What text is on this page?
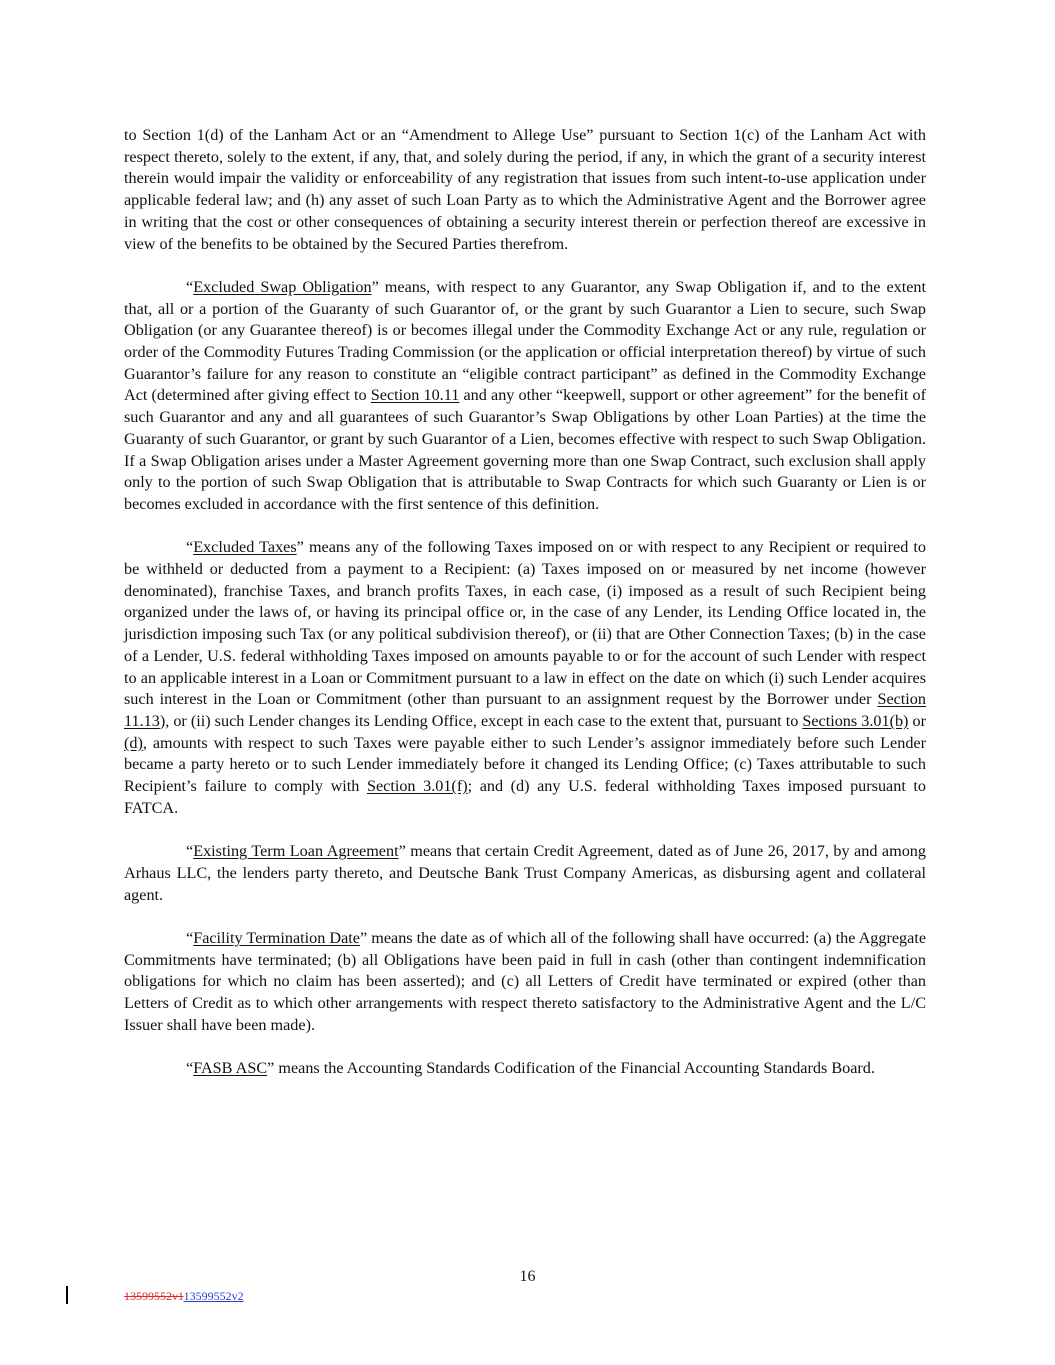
to Section 1(d) of the Lanham Act or an “Amendment to Allege Use” pursuant to Section 1(c) of the Lanham Act with respect thereto, solely to the extent, if any, that, and solely during the period, if any, in which the grant of a security interest therein would impair the validity or enforceability of any registration that issues from such intent-to-use application under applicable federal law; and (h) any asset of such Loan Party as to which the Administrative Agent and the Borrower agree in writing that the cost or other consequences of obtaining a security interest therein or perfection thereof are excessive in view of the benefits to be obtained by the Secured Parties therefrom.

“Excluded Swap Obligation” means, with respect to any Guarantor, any Swap Obligation if, and to the extent that, all or a portion of the Guaranty of such Guarantor of, or the grant by such Guarantor a Lien to secure, such Swap Obligation (or any Guarantee thereof) is or becomes illegal under the Commodity Exchange Act or any rule, regulation or order of the Commodity Futures Trading Commission (or the application or official interpretation thereof) by virtue of such Guarantor’s failure for any reason to constitute an “eligible contract participant” as defined in the Commodity Exchange Act (determined after giving effect to Section 10.11 and any other “keepwell, support or other agreement” for the benefit of such Guarantor and any and all guarantees of such Guarantor’s Swap Obligations by other Loan Parties) at the time the Guaranty of such Guarantor, or grant by such Guarantor of a Lien, becomes effective with respect to such Swap Obligation. If a Swap Obligation arises under a Master Agreement governing more than one Swap Contract, such exclusion shall apply only to the portion of such Swap Obligation that is attributable to Swap Contracts for which such Guaranty or Lien is or becomes excluded in accordance with the first sentence of this definition.

“Excluded Taxes” means any of the following Taxes imposed on or with respect to any Recipient or required to be withheld or deducted from a payment to a Recipient: (a) Taxes imposed on or measured by net income (however denominated), franchise Taxes, and branch profits Taxes, in each case, (i) imposed as a result of such Recipient being organized under the laws of, or having its principal office or, in the case of any Lender, its Lending Office located in, the jurisdiction imposing such Tax (or any political subdivision thereof), or (ii) that are Other Connection Taxes; (b) in the case of a Lender, U.S. federal withholding Taxes imposed on amounts payable to or for the account of such Lender with respect to an applicable interest in a Loan or Commitment pursuant to a law in effect on the date on which (i) such Lender acquires such interest in the Loan or Commitment (other than pursuant to an assignment request by the Borrower under Section 11.13), or (ii) such Lender changes its Lending Office, except in each case to the extent that, pursuant to Sections 3.01(b) or (d), amounts with respect to such Taxes were payable either to such Lender’s assignor immediately before such Lender became a party hereto or to such Lender immediately before it changed its Lending Office; (c) Taxes attributable to such Recipient’s failure to comply with Section 3.01(f); and (d) any U.S. federal withholding Taxes imposed pursuant to FATCA.

“Existing Term Loan Agreement” means that certain Credit Agreement, dated as of June 26, 2017, by and among Arhaus LLC, the lenders party thereto, and Deutsche Bank Trust Company Americas, as disbursing agent and collateral agent.

“Facility Termination Date” means the date as of which all of the following shall have occurred: (a) the Aggregate Commitments have terminated; (b) all Obligations have been paid in full in cash (other than contingent indemnification obligations for which no claim has been asserted); and (c) all Letters of Credit have terminated or expired (other than Letters of Credit as to which other arrangements with respect thereto satisfactory to the Administrative Agent and the L/C Issuer shall have been made).

“FASB ASC” means the Accounting Standards Codification of the Financial Accounting Standards Board.

16
13599552v113599552v2
